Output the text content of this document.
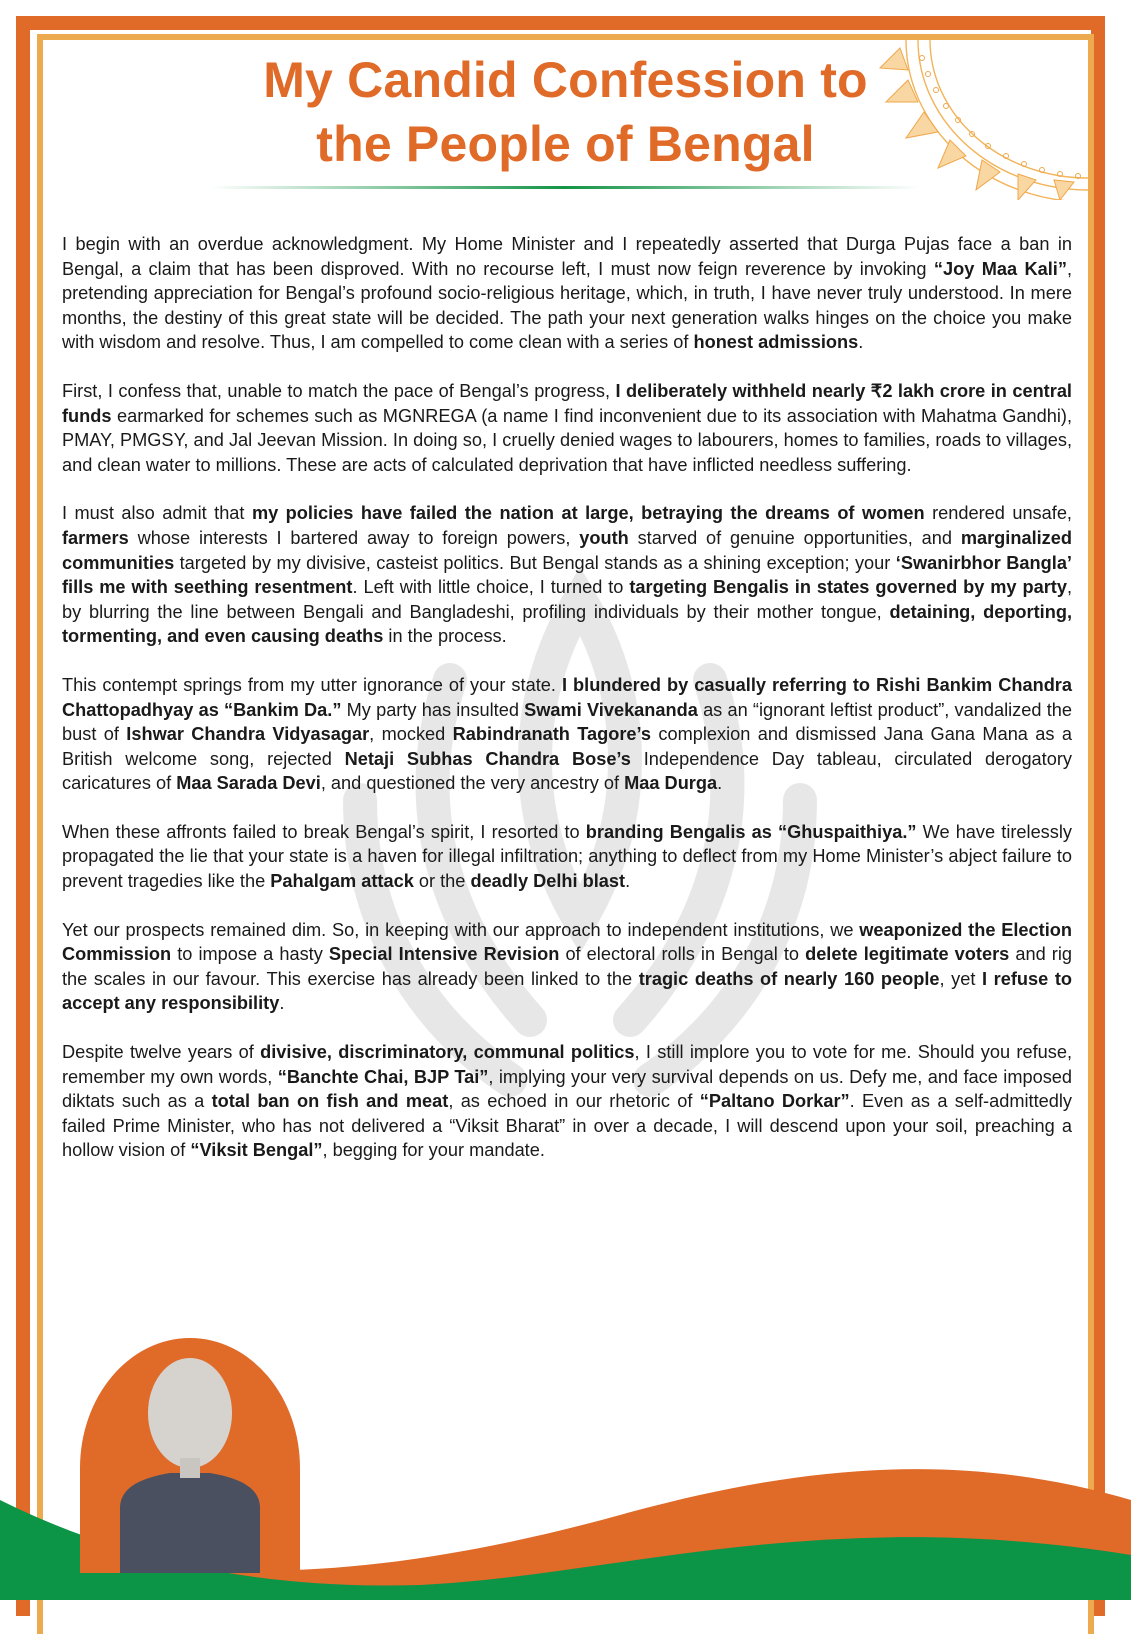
My Candid Confession to
the People of Bengal

I begin with an overdue acknowledgment. My Home Minister and I repeatedly asserted that Durga Pujas face a ban in Bengal, a claim that has been disproved. With no recourse left, I must now feign reverence by invoking “Joy Maa Kali”, pretending appreciation for Bengal’s profound socio-religious heritage, which, in truth, I have never truly understood. In mere months, the destiny of this great state will be decided. The path your next generation walks hinges on the choice you make with wisdom and resolve. Thus, I am compelled to come clean with a series of honest admissions.

First, I confess that, unable to match the pace of Bengal’s progress, I deliberately withheld nearly ₹2 lakh crore in central funds earmarked for schemes such as MGNREGA (a name I find inconvenient due to its association with Mahatma Gandhi), PMAY, PMGSY, and Jal Jeevan Mission. In doing so, I cruelly denied wages to labourers, homes to families, roads to villages, and clean water to millions. These are acts of calculated deprivation that have inflicted needless suffering.

I must also admit that my policies have failed the nation at large, betraying the dreams of women rendered unsafe, farmers whose interests I bartered away to foreign powers, youth starved of genuine opportunities, and marginalized communities targeted by my divisive, casteist politics. But Bengal stands as a shining exception; your ‘Swanirbhor Bangla’ fills me with seething resentment. Left with little choice, I turned to targeting Bengalis in states governed by my party, by blurring the line between Bengali and Bangladeshi, profiling individuals by their mother tongue, detaining, deporting, tormenting, and even causing deaths in the process.

This contempt springs from my utter ignorance of your state. I blundered by casually referring to Rishi Bankim Chandra Chattopadhyay as “Bankim Da.” My party has insulted Swami Vivekananda as an “ignorant leftist product”, vandalized the bust of Ishwar Chandra Vidyasagar, mocked Rabindranath Tagore’s complexion and dismissed Jana Gana Mana as a British welcome song, rejected Netaji Subhas Chandra Bose’s Independence Day tableau, circulated derogatory caricatures of Maa Sarada Devi, and questioned the very ancestry of Maa Durga.

When these affronts failed to break Bengal’s spirit, I resorted to branding Bengalis as “Ghuspaithiya.” We have tirelessly propagated the lie that your state is a haven for illegal infiltration; anything to deflect from my Home Minister’s abject failure to prevent tragedies like the Pahalgam attack or the deadly Delhi blast.

Yet our prospects remained dim. So, in keeping with our approach to independent institutions, we weaponized the Election Commission to impose a hasty Special Intensive Revision of electoral rolls in Bengal to delete legitimate voters and rig the scales in our favour. This exercise has already been linked to the tragic deaths of nearly 160 people, yet I refuse to accept any responsibility.

Despite twelve years of divisive, discriminatory, communal politics, I still implore you to vote for me. Should you refuse, remember my own words, “Banchte Chai, BJP Tai”, implying your very survival depends on us. Defy me, and face imposed diktats such as a total ban on fish and meat, as echoed in our rhetoric of “Paltano Dorkar”. Even as a self-admittedly failed Prime Minister, who has not delivered a “Viksit Bharat” in over a decade, I will descend upon your soil, preaching a hollow vision of “Viksit Bengal”, begging for your mandate.
